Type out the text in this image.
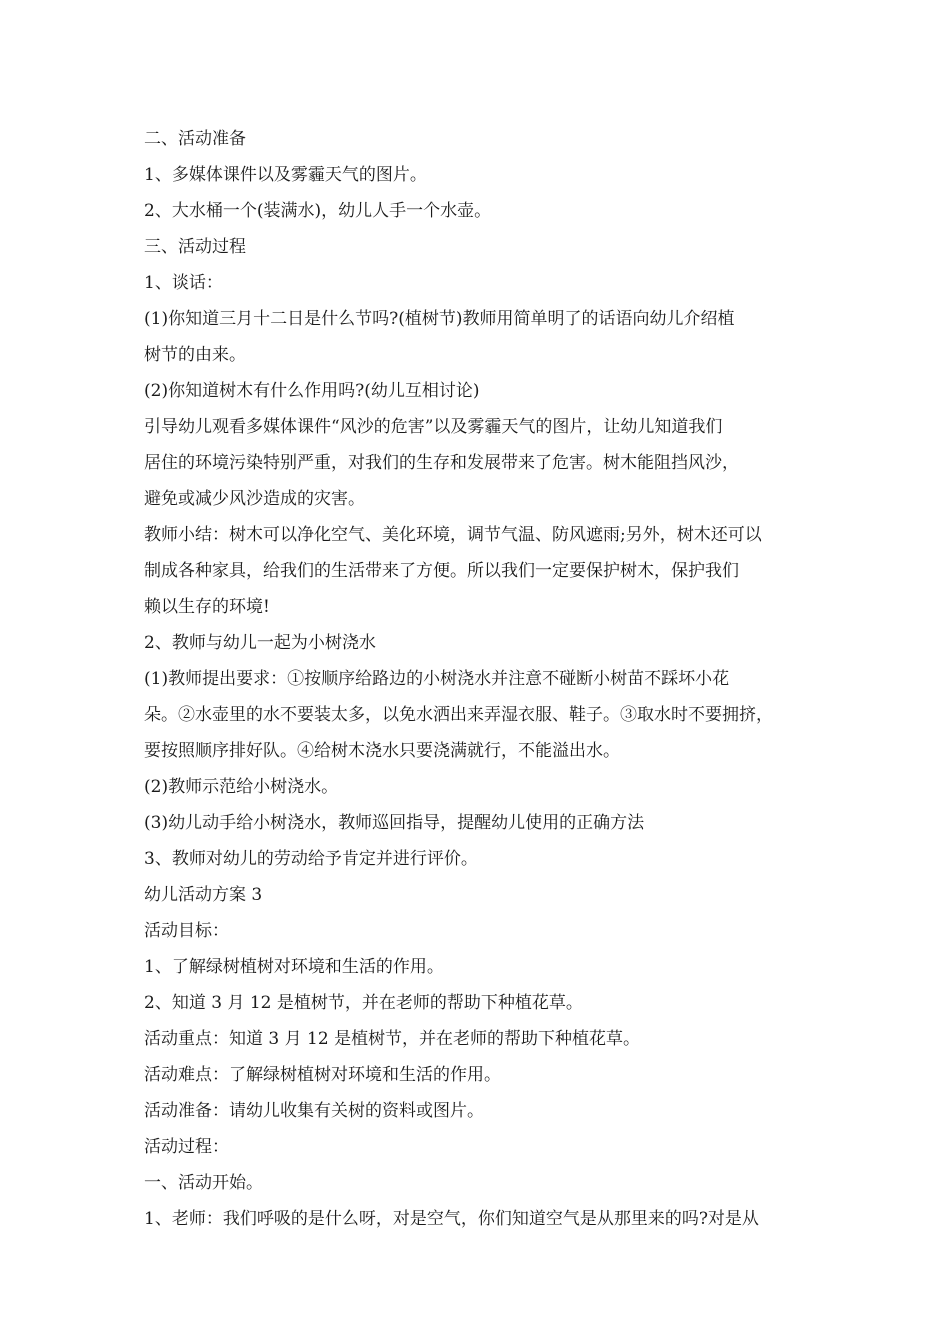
二、活动准备

1、多媒体课件以及雾霾天气的图片。

2、大水桶一个(装满水)，幼儿人手一个水壶。

三、活动过程

1、谈话：

(1)你知道三月十二日是什么节吗?(植树节)教师用简单明了的话语向幼儿介绍植

树节的由来。

(2)你知道树木有什么作用吗?(幼儿互相讨论)

引导幼儿观看多媒体课件“风沙的危害”以及雾霾天气的图片，让幼儿知道我们

居住的环境污染特别严重，对我们的生存和发展带来了危害。树木能阻挡风沙，

避免或减少风沙造成的灾害。

教师小结：树木可以净化空气、美化环境，调节气温、防风遮雨;另外，树木还可以

制成各种家具，给我们的生活带来了方便。所以我们一定要保护树木，保护我们

赖以生存的环境!

2、教师与幼儿一起为小树浇水

(1)教师提出要求：①按顺序给路边的小树浇水并注意不碰断小树苗不踩坏小花

朵。②水壶里的水不要装太多，以免水洒出来弄湿衣服、鞋子。③取水时不要拥挤，

要按照顺序排好队。④给树木浇水只要浇满就行，不能溢出水。

(2)教师示范给小树浇水。

(3)幼儿动手给小树浇水，教师巡回指导，提醒幼儿使用的正确方法

3、教师对幼儿的劳动给予肯定并进行评价。

幼儿活动方案 3

活动目标：

1、了解绿树植树对环境和生活的作用。

2、知道 3 月 12 是植树节，并在老师的帮助下种植花草。

活动重点：知道 3 月 12 是植树节，并在老师的帮助下种植花草。

活动难点：了解绿树植树对环境和生活的作用。

活动准备：请幼儿收集有关树的资料或图片。

活动过程：

一、活动开始。

1、老师：我们呼吸的是什么呀，对是空气，你们知道空气是从那里来的吗?对是从
